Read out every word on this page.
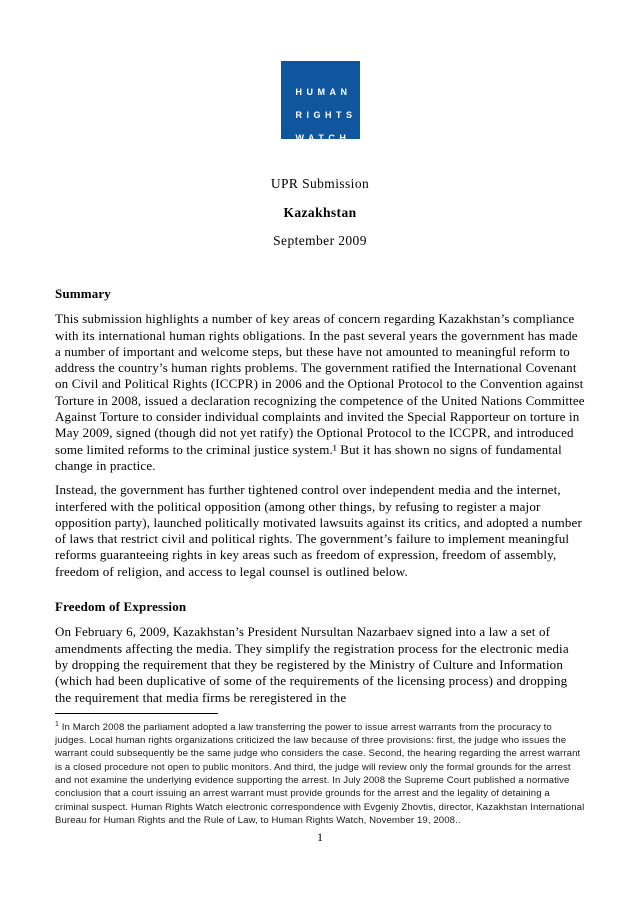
HUMAN
RIGHTS
WATCH
UPR Submission
Kazakhstan
September 2009
Summary

This submission highlights a number of key areas of concern regarding Kazakhstan’s compliance with its international human rights obligations. In the past several years the government has made a number of important and welcome steps, but these have not amounted to meaningful reform to address the country’s human rights problems. The government ratified the International Covenant on Civil and Political Rights (ICCPR) in 2006 and the Optional Protocol to the Convention against Torture in 2008, issued a declaration recognizing the competence of the United Nations Committee Against Torture to consider individual complaints and invited the Special Rapporteur on torture in May 2009, signed (though did not yet ratify) the Optional Protocol to the ICCPR, and introduced some limited reforms to the criminal justice system.¹ But it has shown no signs of fundamental change in practice.

Instead, the government has further tightened control over independent media and the internet, interfered with the political opposition (among other things, by refusing to register a major opposition party), launched politically motivated lawsuits against its critics, and adopted a number of laws that restrict civil and political rights. The government’s failure to implement meaningful reforms guaranteeing rights in key areas such as freedom of expression, freedom of assembly, freedom of religion, and access to legal counsel is outlined below.

Freedom of Expression

On February 6, 2009, Kazakhstan’s President Nursultan Nazarbaev signed into a law a set of amendments affecting the media. They simplify the registration process for the electronic media by dropping the requirement that they be registered by the Ministry of Culture and Information (which had been duplicative of some of the requirements of the licensing process) and dropping the requirement that media firms be reregistered in the

$^1$ In March 2008 the parliament adopted a law transferring the power to issue arrest warrants from the procuracy to judges. Local human rights organizations criticized the law because of three provisions: first, the judge who issues the warrant could subsequently be the same judge who considers the case. Second, the hearing regarding the arrest warrant is a closed procedure not open to public monitors. And third, the judge will review only the formal grounds for the arrest and not examine the underlying evidence supporting the arrest. In July 2008 the Supreme Court published a normative conclusion that a court issuing an arrest warrant must provide grounds for the arrest and the legality of detaining a criminal suspect. Human Rights Watch electronic correspondence with Evgeniy Zhovtis, director, Kazakhstan International Bureau for Human Rights and the Rule of Law, to Human Rights Watch, November 19, 2008..
1
